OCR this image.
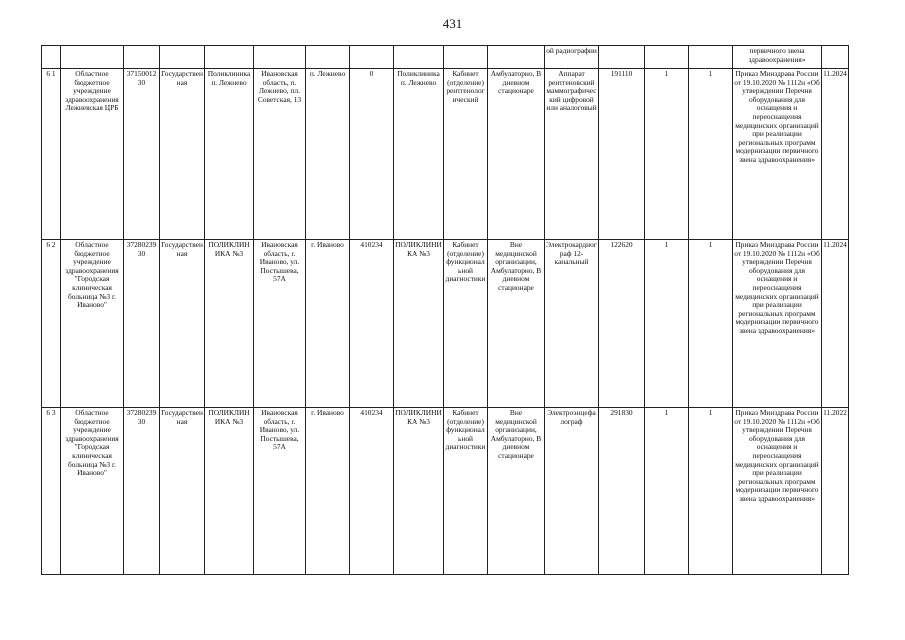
431
											ой радиографии				первичного звена здравоохранения»	
6 1	Областное бюджетное учреждение здравоохранения Лежневская ЦРБ	3715001230	Государственная	Поликлиника п. Лежнево	Ивановская область, п. Лежнево, пл. Советская, 13	п. Лежнево	0	Поликлиника п. Лежнево	Кабинет (отделение) рентгенологический	Амбулаторно, В дневном стационаре	Аппарат рентгеновский маммографический цифровой или аналоговый	191110	1	1	Приказ Минздрава России от 19.10.2020 № 1112н «Об утверждении Перечня оборудования для оснащения и переоснащения медицинских организаций при реализации региональных программ модернизации первичного звена здравоохранения»	11.2024
6 2	Областное бюджетное учреждение здравоохранения "Городская клиническая больница №3 г. Иваново"	3728023930	Государственная	ПОЛИКЛИНИКА №3	Ивановская область, г. Иваново, ул. Постышева, 57А	г. Иваново	410234	ПОЛИКЛИНИКА №3	Кабинет (отделение) функциональной диагностики	Вне медицинской организации, Амбулаторно, В дневном стационаре	Электрокардиограф 12-канальный	122620	1	1	Приказ Минздрава России от 19.10.2020 № 1112н «Об утверждении Перечня оборудования для оснащения и переоснащения медицинских организаций при реализации региональных программ модернизации первичного звена здравоохранения»	11.2024
6 3	Областное бюджетное учреждение здравоохранения "Городская клиническая больница №3 г. Иваново"	3728023930	Государственная	ПОЛИКЛИНИКА №3	Ивановская область, г. Иваново, ул. Постышева, 57А	г. Иваново	410234	ПОЛИКЛИНИКА №3	Кабинет (отделение) функциональной диагностики	Вне медицинской организации, Амбулаторно, В дневном стационаре	Электроэнцефалограф	291830	1	1	Приказ Минздрава России от 19.10.2020 № 1112н «Об утверждении Перечня оборудования для оснащения и переоснащения медицинских организаций при реализации региональных программ модернизации первичного звена здравоохранения»	11.2022
